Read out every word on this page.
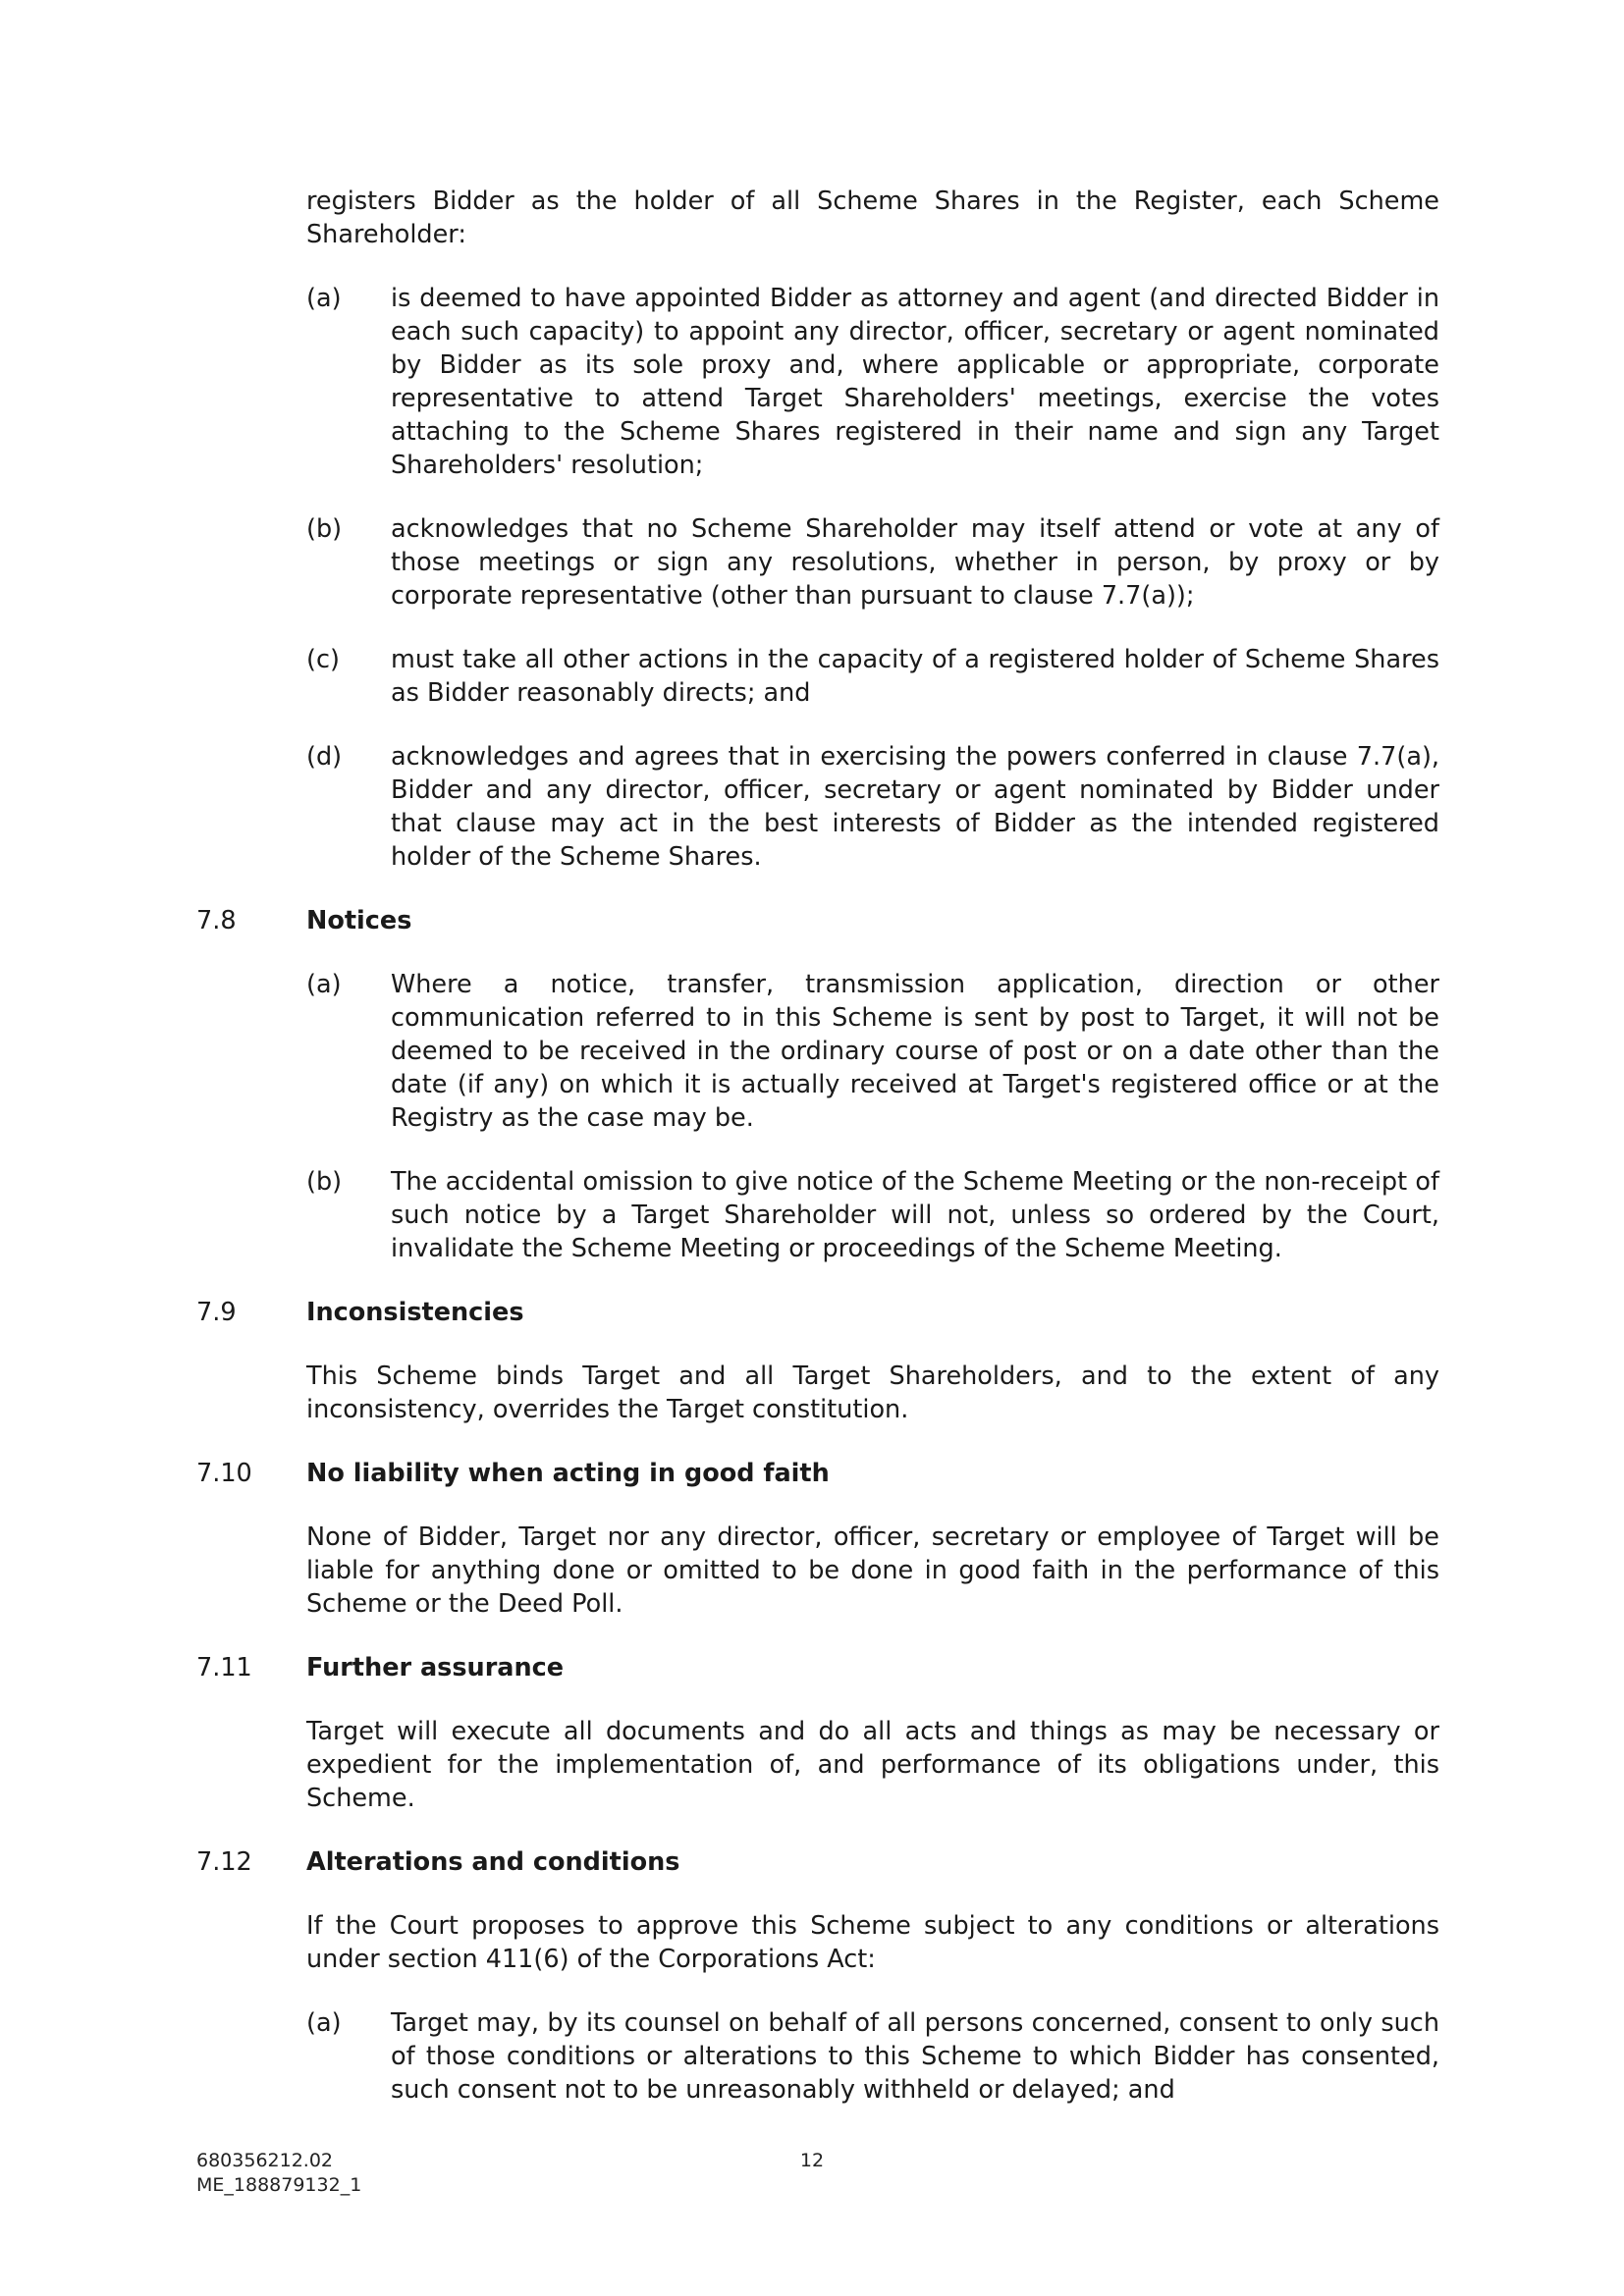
registers Bidder as the holder of all Scheme Shares in the Register, each Scheme Shareholder:

(a) is deemed to have appointed Bidder as attorney and agent (and directed Bidder in each such capacity) to appoint any director, officer, secretary or agent nominated by Bidder as its sole proxy and, where applicable or appropriate, corporate representative to attend Target Shareholders' meetings, exercise the votes attaching to the Scheme Shares registered in their name and sign any Target Shareholders' resolution;
(b) acknowledges that no Scheme Shareholder may itself attend or vote at any of those meetings or sign any resolutions, whether in person, by proxy or by corporate representative (other than pursuant to clause 7.7(a));
(c) must take all other actions in the capacity of a registered holder of Scheme Shares as Bidder reasonably directs; and
(d) acknowledges and agrees that in exercising the powers conferred in clause 7.7(a), Bidder and any director, officer, secretary or agent nominated by Bidder under that clause may act in the best interests of Bidder as the intended registered holder of the Scheme Shares.
7.8	Notices
(a) Where a notice, transfer, transmission application, direction or other communication referred to in this Scheme is sent by post to Target, it will not be deemed to be received in the ordinary course of post or on a date other than the date (if any) on which it is actually received at Target's registered office or at the Registry as the case may be.
(b) The accidental omission to give notice of the Scheme Meeting or the non-receipt of such notice by a Target Shareholder will not, unless so ordered by the Court, invalidate the Scheme Meeting or proceedings of the Scheme Meeting.
7.9	Inconsistencies

This Scheme binds Target and all Target Shareholders, and to the extent of any inconsistency, overrides the Target constitution.

7.10 No liability when acting in good faith

None of Bidder, Target nor any director, officer, secretary or employee of Target will be liable for anything done or omitted to be done in good faith in the performance of this Scheme or the Deed Poll.

7.11 Further assurance

Target will execute all documents and do all acts and things as may be necessary or expedient for the implementation of, and performance of its obligations under, this Scheme.

7.12 Alterations and conditions

If the Court proposes to approve this Scheme subject to any conditions or alterations under section 411(6) of the Corporations Act:

(a) Target may, by its counsel on behalf of all persons concerned, consent to only such of those conditions or alterations to this Scheme to which Bidder has consented, such consent not to be unreasonably withheld or delayed; and
680356212.02
ME_188879132_1
12
